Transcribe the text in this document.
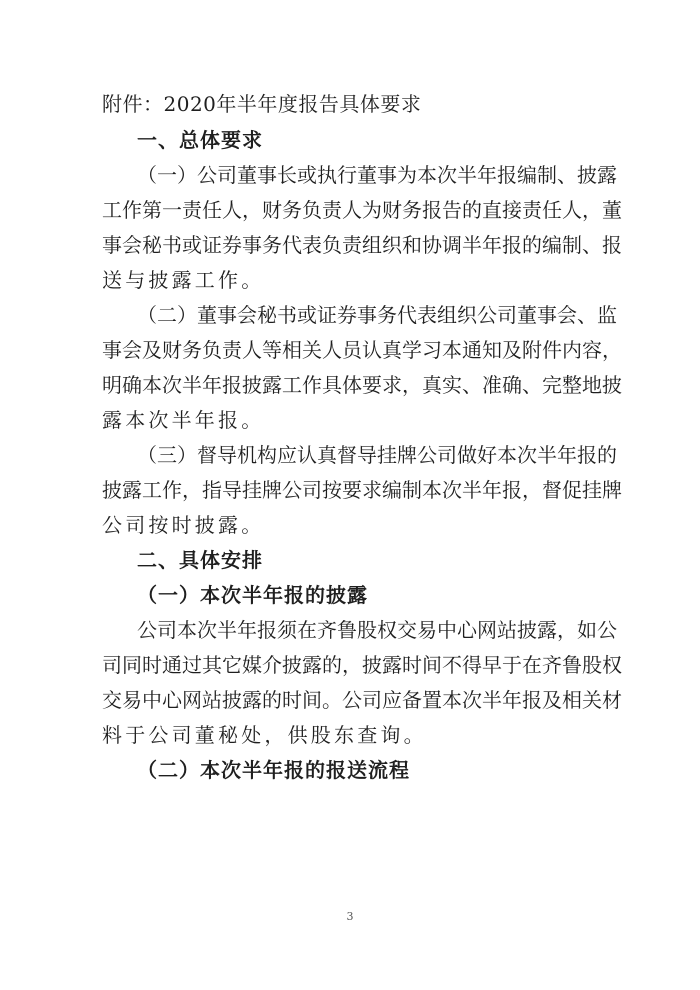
附件：2020年半年度报告具体要求
一、总体要求
（一）公司董事长或执行董事为本次半年报编制、披露
工作第一责任人，财务负责人为财务报告的直接责任人，董
事会秘书或证券事务代表负责组织和协调半年报的编制、报
送与披露工作。
（二）董事会秘书或证券事务代表组织公司董事会、监
事会及财务负责人等相关人员认真学习本通知及附件内容，
明确本次半年报披露工作具体要求，真实、准确、完整地披
露本次半年报。
（三）督导机构应认真督导挂牌公司做好本次半年报的
披露工作，指导挂牌公司按要求编制本次半年报，督促挂牌
公司按时披露。
二、具体安排
（一）本次半年报的披露
公司本次半年报须在齐鲁股权交易中心网站披露，如公
司同时通过其它媒介披露的，披露时间不得早于在齐鲁股权
交易中心网站披露的时间。公司应备置本次半年报及相关材
料于公司董秘处，供股东查询。
（二）本次半年报的报送流程
3
